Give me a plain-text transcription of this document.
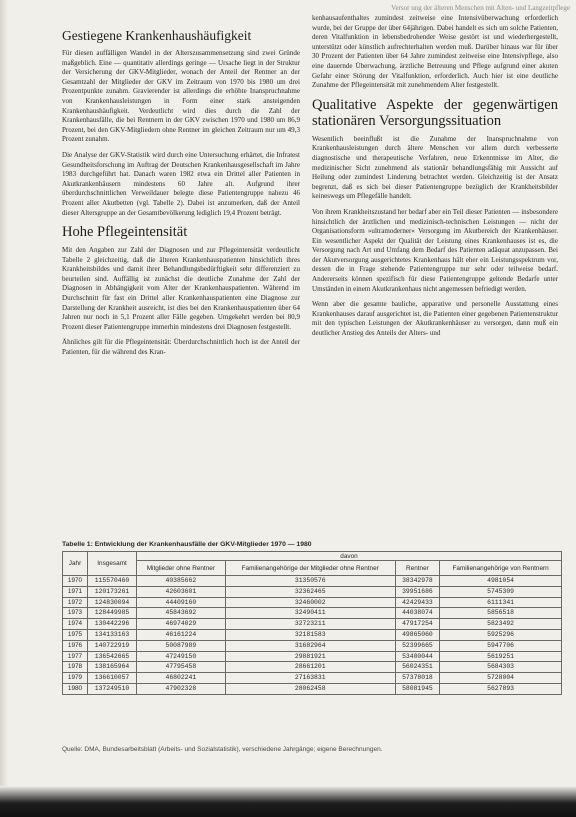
Versor ung der älteren Menschen mit Alten- und Langzeitpflege
Gestiegene Krankenhaushäufigkeit

Für diesen auffälligen Wandel in der Alterszusammensetzung sind zwei Gründe maßgeblich. Eine — quantitativ allerdings geringe — Ursache liegt in der Struktur der Versicherung der GKV-Mitglieder, wonach der Anteil der Rentner an der Gesamtzahl der Mitglieder der GKV im Zeitraum von 1970 bis 1980 um drei Prozentpunkte zunahm. Gravierender ist allerdings die erhöhte Inanspruchnahme von Krankenhausleistungen in Form einer stark ansteigenden Krankenhaushäufigkeit. Verdeutlicht wird dies durch die Zahl der Krankenhausfälle, die bei Rentnern in der GKV zwischen 1970 und 1980 um 86,9 Prozent, bei den GKV-Mitgliedern ohne Rentner im gleichen Zeitraum nur um 49,3 Prozent zunahm.

Die Analyse der GKV-Statistik wird durch eine Untersuchung erhärtet, die Infratest Gesundheitsforschung im Auftrag der Deutschen Krankenhausgesellschaft im Jahre 1983 durchgeführt hat. Danach waren 1982 etwa ein Drittel aller Patienten in Akutkrankenhäusern mindestens 60 Jahre alt. Aufgrund ihrer überdurchschnittlichen Verweildauer belegte diese Patientengruppe nahezu 46 Prozent aller Akutbetten (vgl. Tabelle 2). Dabei ist anzumerken, daß der Anteil dieser Altersgruppe an der Gesamtbevölkerung lediglich 19,4 Prozent beträgt.

Hohe Pflegeintensität

Mit den Angaben zur Zahl der Diagnosen und zur Pflegeintensität verdeutlicht Tabelle 2 gleichzeitig, daß die älteren Krankenhauspatienten hinsichtlich ihres Krankheitsbildes und damit ihrer Behandlungsbedürftigkeit sehr differenziert zu beurteilen sind. Auffällig ist zunächst die deutliche Zunahme der Zahl der Diagnosen in Abhängigkeit vom Alter der Krankenhauspatienten. Während im Durchschnitt für fast ein Drittel aller Krankenhauspatienten eine Diagnose zur Darstellung der Krankheit ausreicht, ist dies bei den Krankenhauspatienten über 64 Jahren nur noch in 5,1 Prozent aller Fälle gegeben. Umgekehrt werden bei 80,9 Prozent dieser Patientengruppe immerhin mindestens drei Diagnosen festgestellt.

Ähnliches gilt für die Pflegeintensität: Überdurchschnittlich hoch ist der Anteil der Patienten, für die während des Kran-

kenhausaufenthaltes zumindest zeitweise eine Intensivüberwachung erforderlich wurde, bei der Gruppe der über 64jährigen. Dabei handelt es sich um solche Patienten, deren Vitalfunktion in lebensbedrohender Weise gestört ist und wiederhergestellt, unterstützt oder künstlich aufrechterhalten werden muß. Darüber hinaus war für über 30 Prozent der Patienten über 64 Jahre zumindest zeitweise eine Intensivpflege, also eine dauernde Überwachung, ärztliche Betreuung und Pflege aufgrund einer akuten Gefahr einer Störung der Vitalfunktion, erforderlich. Auch hier ist eine deutliche Zunahme der Pflegeintensität mit zunehmendem Alter festgestellt.

Qualitative Aspekte der gegenwärtigen stationären Versorgungssituation

Wesentlich beeinflußt ist die Zunahme der Inanspruchnahme von Krankenhausleistungen durch ältere Menschen vor allem durch verbesserte diagnostische und therapeutische Verfahren, neue Erkenntnisse im Alter, die medizinischer Sicht zunehmend als stationär behandlungsfähig mit Aussicht auf Heilung oder zumindest Linderung betrachtet werden. Gleichzeitig ist der Ansatz begrenzt, daß es sich bei dieser Patientengruppe bezüglich der Krankheitsbilder keineswegs um Pflegefälle handelt.

Von ihrem Krankheitszustand her bedarf aber ein Teil dieser Patienten — insbesondere hinsichtlich der ärztlichen und medizinisch-technischen Leistungen — nicht der Organisationsform »ultramoderner« Versorgung im Akutbereich der Krankenhäuser. Ein wesentlicher Aspekt der Qualität der Leistung eines Krankenhauses ist es, die Versorgung nach Art und Umfang dem Bedarf des Patienten adäquat anzupassen. Bei der Akutversorgung ausgerichtetes Krankenhaus hält eher ein Leistungsspektrum vor, dessen die in Frage stehende Patientengruppe nur sehr oder teilweise bedarf. Andererseits können spezifisch für diese Patientengruppe geltende Bedarfe unter Umständen in einem Akutkrankenhaus nicht angemessen befriedigt werden.

Wenn aber die gesamte bauliche, apparative und personelle Ausstattung eines Krankenhauses darauf ausgerichtet ist, die Patienten einer gegebenen Patientenstruktur mit den typischen Leistungen der Akutkrankenhäuser zu versorgen, dann muß ein deutlicher Anstieg des Anteils der Alters- und

Tabelle 1: Entwicklung der Krankenhausfälle der GKV-Mitglieder 1970 — 1980
Jahr	Insgesamt	davon			
		Mitglieder ohne Rentner	Familienangehörige der Mitglieder ohne Rentner	Rentner	Familienangehörige von Rentnern
1970	115570460	40385662	31350576	38342978	4981054
1971	120173261	42603601	32362465	39951686	5745309
1972	124830094	44409160	32460002	42429433	6111341
1973	128449985	45843692	32490411	44038074	5856518
1974	130442296	46974029	32723211	47917254	5823492
1975	134133163	46161224	32181583	49865060	5925296
1976	140722919	50087989	31682964	52399665	5947706
1977	136542665	47249150	29881921	53400044	5619251
1978	138165964	47795458	28661201	56024351	5684303
1979	136610057	46802241	27163831	57378018	5728004
1980	137249510	47902328	28062458	58081945	5627893
Quelle: DMA, Bundesarbeitsblatt (Arbeits- und Sozialstatistik), verschiedene Jahrgänge; eigene Berechnungen.
